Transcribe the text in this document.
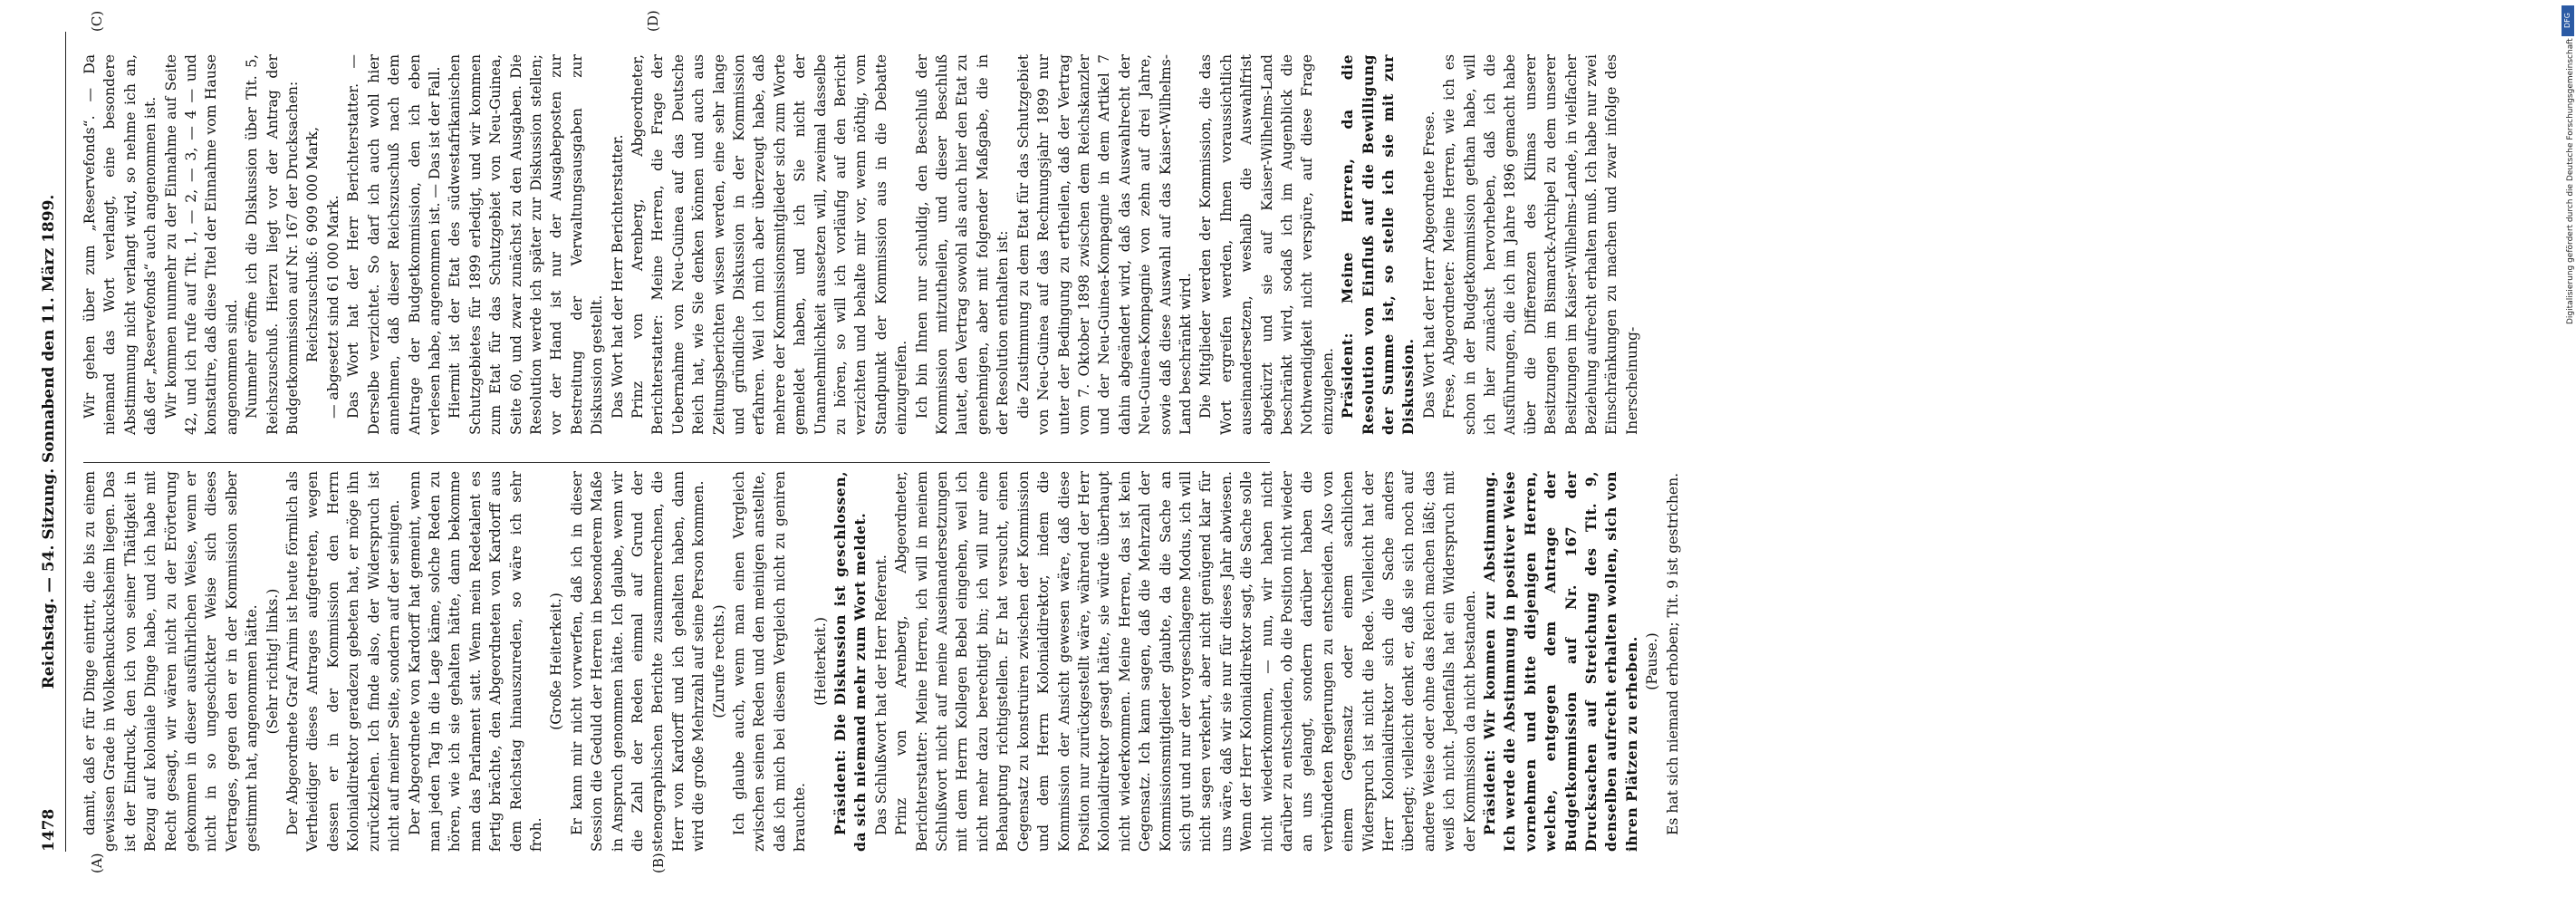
DFG
Digitalisierung gefördert durch die Deutsche Forschungsgemeinschaft
1478
Reichstag. — 54. Sitzung. Sonnabend den 11. März 1899.
(A)	(B)
(C)	(D)

damit, daß er für Dinge eintritt, die bis zu einem gewissen Grade in Wolkenkuckucksheim liegen. Das ist der Eindruck, den ich von seiner Thätigkeit in Bezug auf koloniale Dinge habe, und ich habe mit Recht gesagt, wir wären nicht zu der Erörterung gekommen in dieser ausführlichen Weise, wenn er nicht in so ungeschickter Weise sich dieses Vertrages, gegen den er in der Kommission selber gestimmt hat, angenommen hätte. (Sehr richtig! links.) Der Abgeordnete Graf Arnim ist heute förmlich als Vertheidiger dieses Antrages aufgetreten, wegen dessen er in der Kommission den Herrn Kolonialdirektor geradezu gebeten hat, er möge ihn zurückziehen. Ich finde also, der Widerspruch ist nicht auf meiner Seite, sondern auf der seinigen. Der Abgeordnete von Kardorff hat gemeint, wenn man jeden Tag in die Lage käme, solche Reden zu hören, wie ich sie gehalten hätte, dann bekomme man das Parlament satt. Wenn mein Redetalent es fertig brächte, den Abgeordneten von Kardorff aus dem Reichstag hinauszureden, so wäre ich sehr froh.

(Große Heiterkeit.) Er kann mir nicht vorwerfen, daß ich in dieser Session die Geduld der Herren in besonderem Maße in Anspruch genommen hätte. Ich glaube, wenn wir die Zahl der Reden einmal auf Grund der stenographischen Berichte zusammenrechnen, die Herr von Kardorff und ich gehalten haben, dann wird die große Mehrzahl auf seine Person kommen. (Zurufe rechts.) Ich glaube auch, wenn man einen Vergleich zwischen seinen Reden und den meinigen anstellte, daß ich mich bei diesem Vergleich nicht zu geniren brauchte.

(Heiterkeit.) Präsident: Die Diskussion ist geschlossen, da sich niemand mehr zum Wort meldet. Das Schlußwort hat der Herr Referent. Prinz von Arenberg, Abgeordneter, Berichterstatter: Meine Herren, ich will in meinem Schlußwort nicht auf meine Auseinandersetzungen mit dem Herrn Kollegen Bebel eingehen, weil ich nicht mehr dazu berechtigt bin; ich will nur eine Behauptung richtigstellen. Er hat versucht, einen Gegensatz zu konstruiren zwischen der Kommission und dem Herrn Kolonialdirektor, indem die Kommission der Ansicht gewesen wäre, daß diese Position nur zurückgestellt wäre, während der Herr Kolonialdirektor gesagt hätte, sie würde überhaupt nicht wiederkommen. Meine Herren, das ist kein Gegensatz. Ich kann sagen, daß die Mehrzahl der Kommissionsmitglieder glaubte, da die Sache an sich gut und nur der vorgeschlagene Modus, ich will nicht sagen verkehrt, aber nicht genügend klar für uns wäre, daß wir sie nur für dieses Jahr abwiesen. Wenn der Herr Kolonialdirektor sagt, die Sache solle nicht wiederkommen, — nun, wir haben nicht darüber zu entscheiden, ob die Position nicht wieder an uns gelangt, sondern darüber haben die verbündeten Regierungen zu entscheiden. Also von einem Gegensatz oder einem sachlichen Widerspruch ist nicht die Rede. Vielleicht hat der Herr Kolonialdirektor sich die Sache anders überlegt; vielleicht denkt er, daß sie sich noch auf andere Weise oder ohne das Reich machen läßt; das weiß ich nicht. Jedenfalls hat ein Widerspruch mit der Kommission da nicht bestanden. Präsident: Wir kommen zur Abstimmung. Ich werde die Abstimmung in positiver Weise vornehmen und bitte diejenigen Herren, welche, entgegen dem Antrage der Budgetkommission auf Nr. 167 der Drucksachen auf Streichung des Tit. 9, denselben aufrecht erhalten wollen, sich von ihren Plätzen zu erheben. (Pause.) Es hat sich niemand erhoben; Tit. 9 ist gestrichen.

Wir gehen über zum „Reservefonds“. — Da niemand das Wort verlangt, eine besondere Abstimmung nicht verlangt wird, so nehme ich an, daß der „Reservefonds“ auch angenommen ist. Wir kommen nunmehr zu der Einnahme auf Seite 42, und ich rufe auf Tit. 1, — 2, — 3, — 4 — und konstatire, daß diese Titel der Einnahme vom Hause angenommen sind. Nunmehr eröffne ich die Diskussion über Tit. 5, Reichszuschuß. Hierzu liegt vor der Antrag der Budgetkommission auf Nr. 167 der Drucksachen: Reichszuschuß: 6 909 000 Mark, — abgesetzt sind 61 000 Mark. Das Wort hat der Herr Berichterstatter. — Derselbe verzichtet. So darf ich auch wohl hier annehmen, daß dieser Reichszuschuß nach dem Antrage der Budgetkommission, den ich eben verlesen habe, angenommen ist. — Das ist der Fall. Hiermit ist der Etat des südwestafrikanischen Schutzgebietes für 1899 erledigt, und wir kommen zum Etat für das Schutzgebiet von Neu-Guinea, Seite 60, und zwar zunächst zu den Ausgaben. Die Resolution werde ich später zur Diskussion stellen; vor der Hand ist nur der Ausgabeposten zur Bestreitung der Verwaltungsausgaben zur Diskussion gestellt. Das Wort hat der Herr Berichterstatter. Prinz von Arenberg, Abgeordneter, Berichterstatter: Meine Herren, die Frage der Uebernahme von Neu-Guinea auf das Deutsche Reich hat, wie Sie denken können und auch aus Zeitungsberichten wissen werden, eine sehr lange und gründliche Diskussion in der Kommission erfahren. Weil ich mich aber überzeugt habe, daß mehrere der Kommissionsmitglieder sich zum Worte gemeldet haben, und ich Sie nicht der Unannehmlichkeit aussetzen will, zweimal dasselbe zu hören, so will ich vorläufig auf den Bericht verzichten und behalte mir vor, wenn nöthig, vom Standpunkt der Kommission aus in die Debatte einzugreifen. Ich bin Ihnen nur schuldig, den Beschluß der Kommission mitzutheilen, und dieser Beschluß lautet, den Vertrag sowohl als auch hier den Etat zu genehmigen, aber mit folgender Maßgabe, die in der Resolution enthalten ist: die Zustimmung zu dem Etat für das Schutzgebiet von Neu-Guinea auf das Rechnungsjahr 1899 nur unter der Bedingung zu ertheilen, daß der Vertrag vom 7. Oktober 1898 zwischen dem Reichskanzler und der Neu-Guinea-Kompagnie in dem Artikel 7 dahin abgeändert wird, daß das Auswahlrecht der Neu-Guinea-Kompagnie von zehn auf drei Jahre, sowie daß diese Auswahl auf das Kaiser-Wilhelms-Land beschränkt wird. Die Mitglieder werden der Kommission, die das Wort ergreifen werden, Ihnen voraussichtlich auseinandersetzen, weshalb die Auswahlfrist abgekürzt und sie auf Kaiser-Wilhelms-Land beschränkt wird, sodaß ich im Augenblick die Nothwendigkeit nicht verspüre, auf diese Frage einzugehen. Präsident: Meine Herren, da die Resolution von Einfluß auf die Bewilligung der Summe ist, so stelle ich sie mit zur Diskussion. Das Wort hat der Herr Abgeordnete Frese. Frese, Abgeordneter: Meine Herren, wie ich es schon in der Budgetkommission gethan habe, will ich hier zunächst hervorheben, daß ich die Ausführungen, die ich im Jahre 1896 gemacht habe über die Differenzen des Klimas unserer Besitzungen im Bismarck-Archipel zu dem unserer Besitzungen im Kaiser-Wilhelms-Lande, in vielfacher Beziehung aufrecht erhalten muß. Ich habe nur zwei Einschränkungen zu machen und zwar infolge des Inerscheinung-
